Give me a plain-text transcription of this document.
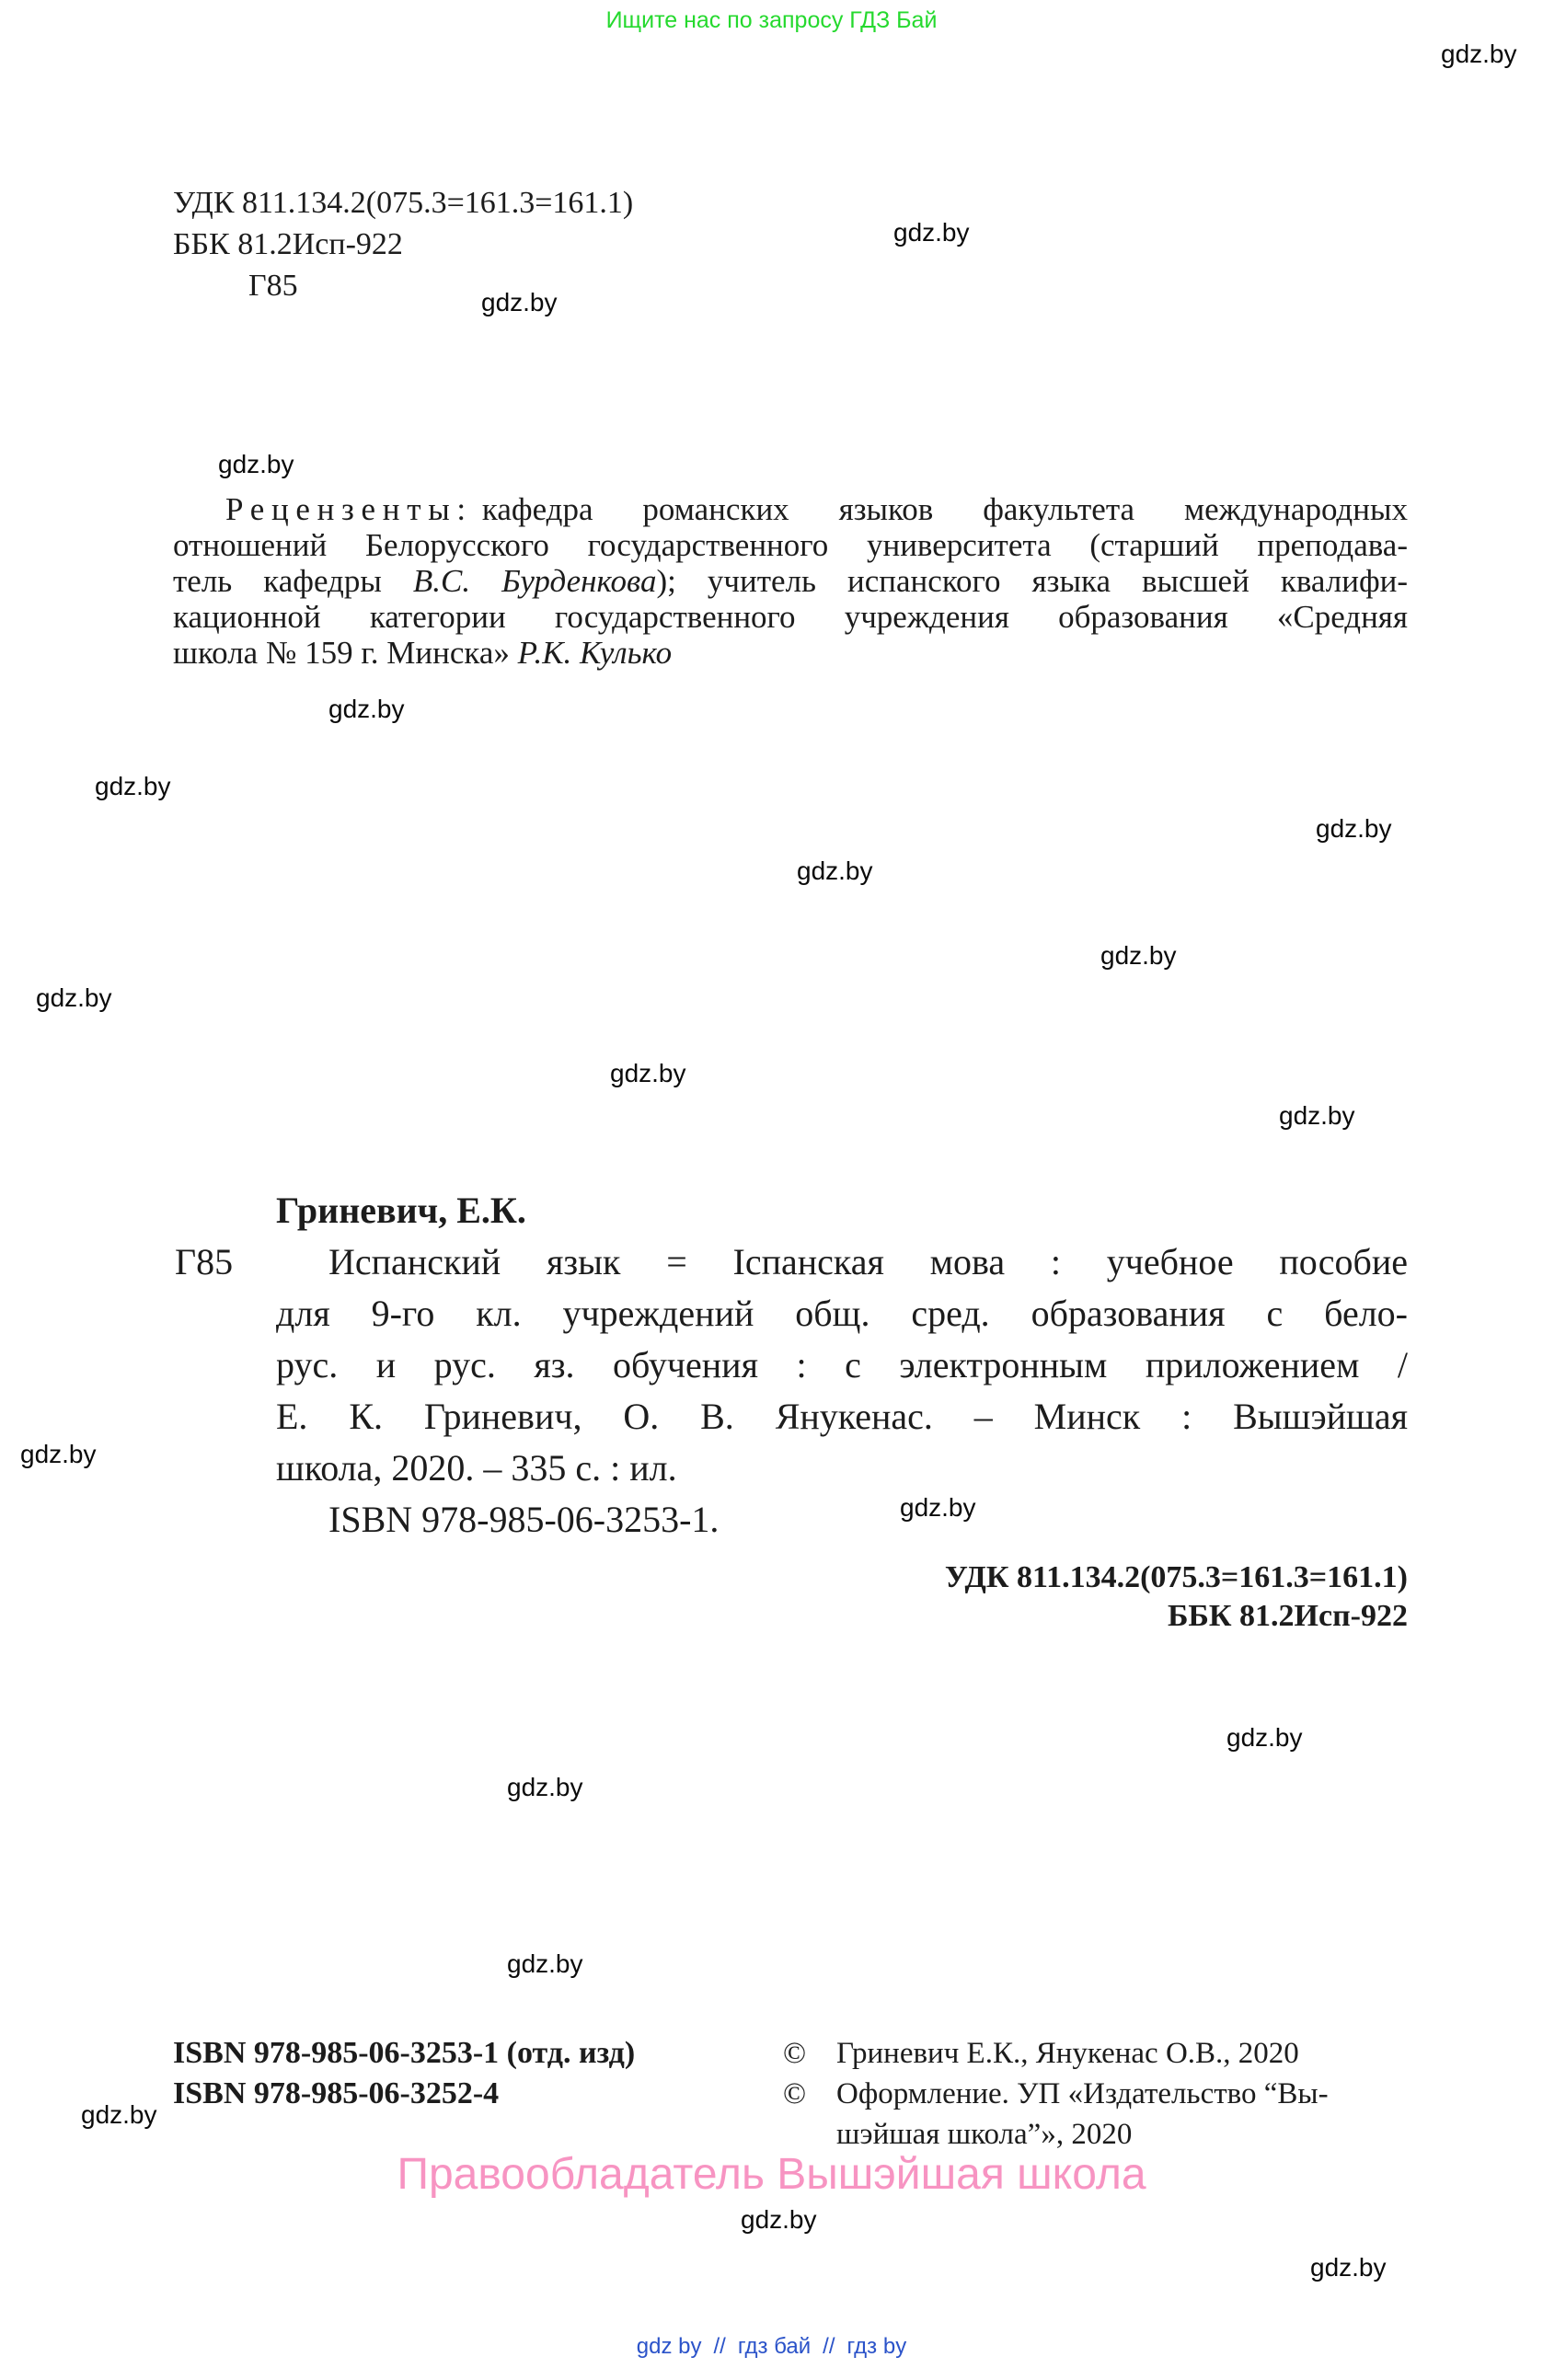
Ищите нас по запросу ГДЗ Бай
gdz.by
gdz.by
gdz.by
gdz.by
gdz.by
gdz.by
gdz.by
gdz.by
gdz.by
gdz.by
gdz.by
gdz.by
gdz.by
gdz.by
gdz.by
gdz.by
gdz.by
gdz.by
gdz.by
gdz.by
УДК 811.134.2(075.3=161.3=161.1)
ББК 81.2Исп-922
Г85
Рецензенты: кафедра романских языков факультета международных
отношений Белорусского государственного университета (старший преподава-
тель кафедры В.С. Бурденкова); учитель испанского языка высшей квалифи-
кационной категории государственного учреждения образования «Средняя
школа № 159 г. Минска» Р.К. Кулько
Г85
Гриневич, Е.К.
Испанский язык = Іспанская мова : учебное пособие
для 9-го кл. учреждений общ. сред. образования с бело-
рус. и рус. яз. обучения : с электронным приложением /
Е. К. Гриневич, О. В. Янукенас. – Минск : Вышэйшая
школа, 2020. – 335 с. : ил.
ISBN 978-985-06-3253-1.
УДК 811.134.2(075.3=161.3=161.1)
ББК 81.2Исп-922
ISBN 978-985-06-3253-1 (отд. изд)
ISBN 978-985-06-3252-4
© Гриневич Е.К., Янукенас О.В., 2020
© Оформление. УП «Издательство “Вы-
шэйшая школа”», 2020
Правообладатель Вышэйшая школа
gdz by // гдз бай // гдз by
